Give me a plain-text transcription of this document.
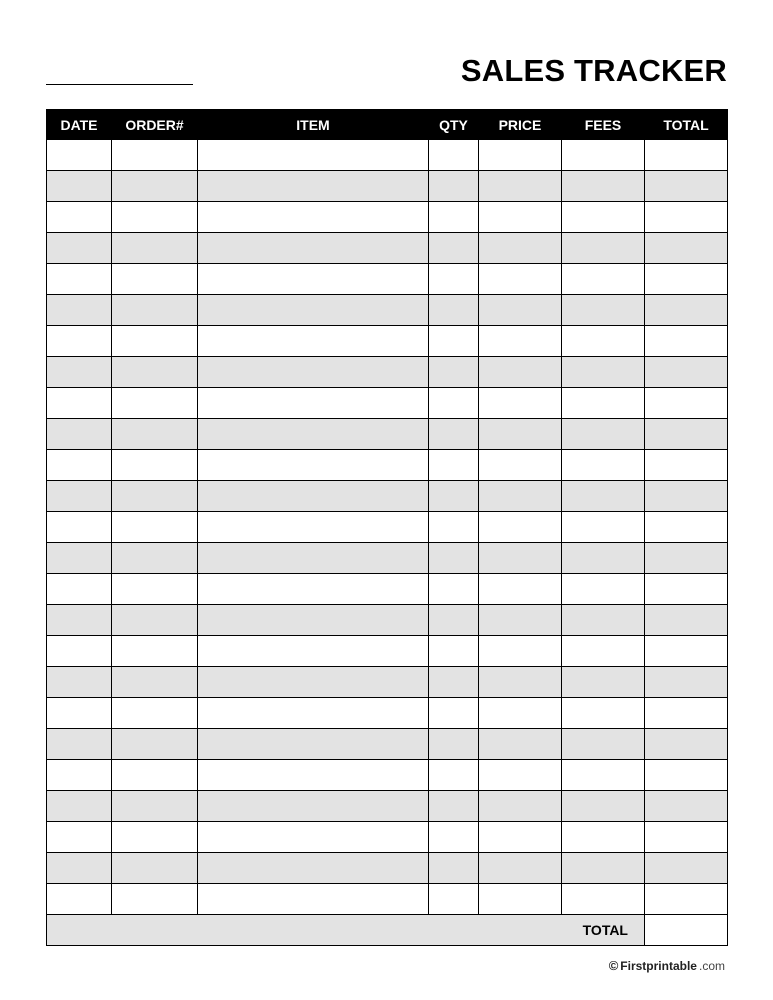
SALES TRACKER
DATE	ORDER#	ITEM	QTY	PRICE	FEES	TOTAL

TOTAL						
© Firstprintable .com
